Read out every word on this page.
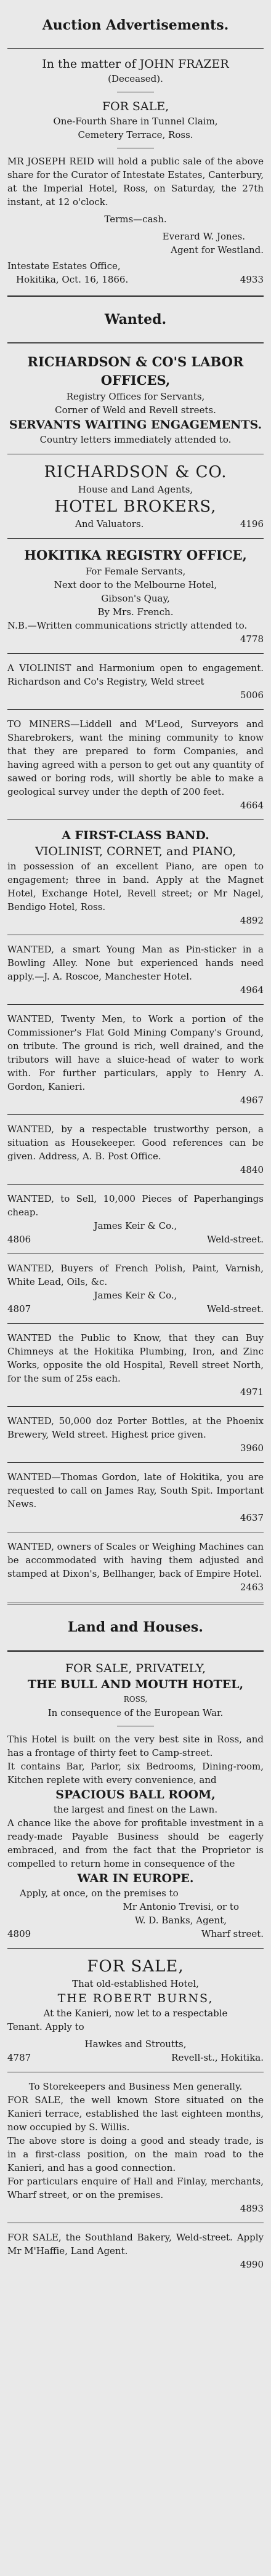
Auction Advertisements.

In the matter of JOHN FRAZER

(Deceased).

FOR SALE,

One-Fourth Share in Tunnel Claim,

Cemetery Terrace, Ross.

MR JOSEPH REID will hold a public sale of the above share for the Curator of Intestate Estates, Canterbury, at the Imperial Hotel, Ross, on Saturday, the 27th instant, at 12 o'clock.

Terms—cash.

Everard W. Jones.

Agent for Westland.

Intestate Estates Office,

Hokitika, Oct. 16, 1866.	4933

Wanted.

RICHARDSON & CO'S LABOR OFFICES,

Registry Offices for Servants,

Corner of Weld and Revell streets.

SERVANTS WAITING ENGAGEMENTS.

Country letters immediately attended to.

RICHARDSON & CO.

House and Land Agents,

HOTEL BROKERS,

And Valuators.	4196

HOKITIKA REGISTRY OFFICE,

For Female Servants,

Next door to the Melbourne Hotel,

Gibson's Quay,

By Mrs. French.

N.B.—Written communications strictly attended to.

4778

A VIOLINIST and Harmonium open to engagement. Richardson and Co's Registry, Weld street

5006

TO MINERS—Liddell and M'Leod, Surveyors and Sharebrokers, want the mining community to know that they are prepared to form Companies, and having agreed with a person to get out any quantity of sawed or boring rods, will shortly be able to make a geological survey under the depth of 200 feet.

4664

A FIRST-CLASS BAND.

VIOLINIST, CORNET, and PIANO,

in possession of an excellent Piano, are open to engagement; three in band. Apply at the Magnet Hotel, Exchange Hotel, Revell street; or Mr Nagel, Bendigo Hotel, Ross.

4892

WANTED, a smart Young Man as Pin-sticker in a Bowling Alley. None but experienced hands need apply.—J. A. Roscoe, Manchester Hotel.

4964

WANTED, Twenty Men, to Work a portion of the Commissioner's Flat Gold Mining Company's Ground, on tribute. The ground is rich, well drained, and the tributors will have a sluice-head of water to work with. For further particulars, apply to Henry A. Gordon, Kanieri.

4967

WANTED, by a respectable trustworthy person, a situation as Housekeeper. Good references can be given. Address, A. B. Post Office.

4840

WANTED, to Sell, 10,000 Pieces of Paperhangings cheap.

James Keir & Co.,

4806	Weld-street.

WANTED, Buyers of French Polish, Paint, Varnish, White Lead, Oils, &c.

James Keir & Co.,

4807	Weld-street.

WANTED the Public to Know, that they can Buy Chimneys at the Hokitika Plumbing, Iron, and Zinc Works, opposite the old Hospital, Revell street North, for the sum of 25s each.

4971

WANTED, 50,000 doz Porter Bottles, at the Phoenix Brewery, Weld street. Highest price given.

3960

WANTED—Thomas Gordon, late of Hokitika, you are requested to call on James Ray, South Spit. Important News.

4637

WANTED, owners of Scales or Weighing Machines can be accommodated with having them adjusted and stamped at Dixon's, Bellhanger, back of Empire Hotel.

2463

Land and Houses.

FOR SALE, PRIVATELY,

THE BULL AND MOUTH HOTEL,

ROSS,

In consequence of the European War.

This Hotel is built on the very best site in Ross, and has a frontage of thirty feet to Camp-street.

It contains Bar, Parlor, six Bedrooms, Dining-room, Kitchen replete with every convenience, and

SPACIOUS BALL ROOM,

the largest and finest on the Lawn.

A chance like the above for profitable investment in a ready-made Payable Business should be eagerly embraced, and from the fact that the Proprietor is compelled to return home in consequence of the

WAR IN EUROPE.

Apply, at once, on the premises to

Mr Antonio Trevisi, or to

W. D. Banks, Agent,

4809	Wharf street.

FOR SALE,

That old-established Hotel,

THE ROBERT BURNS,

At the Kanieri, now let to a respectable

Tenant. Apply to

Hawkes and Stroutts,

4787	Revell-st., Hokitika.

To Storekeepers and Business Men generally.

FOR SALE, the well known Store situated on the Kanieri terrace, established the last eighteen months, now occupied by S. Willis.

The above store is doing a good and steady trade, is in a first-class position, on the main road to the Kanieri, and has a good connection.

For particulars enquire of Hall and Finlay, merchants, Wharf street, or on the premises.

4893

FOR SALE, the Southland Bakery, Weld-street. Apply Mr M'Haffie, Land Agent.

4990
